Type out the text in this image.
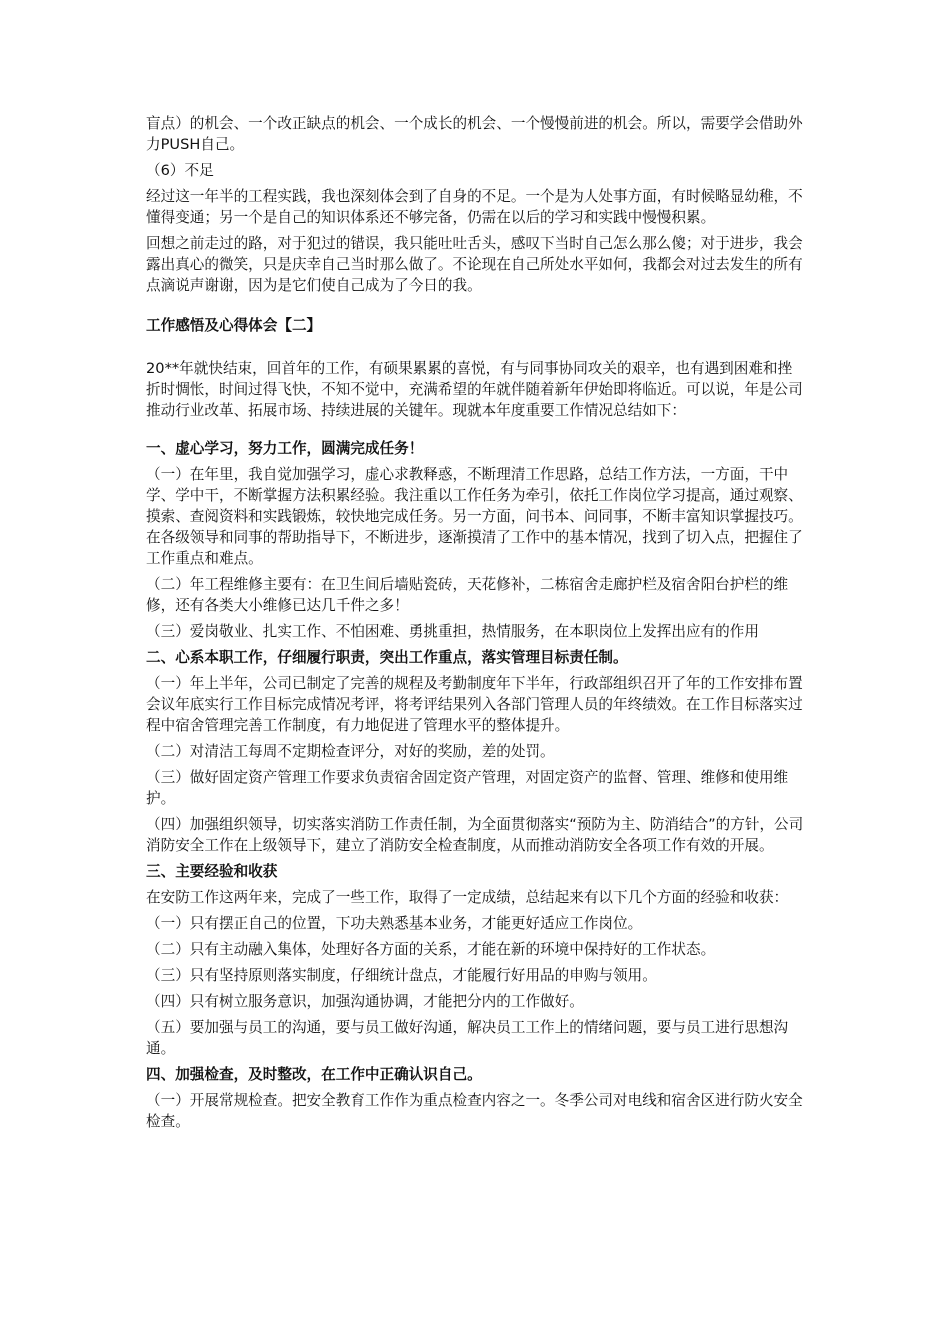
盲点）的机会、一个改正缺点的机会、一个成长的机会、一个慢慢前进的机会。所以，需要学会借助外力PUSH自己。

（6）不足

经过这一年半的工程实践，我也深刻体会到了自身的不足。一个是为人处事方面，有时候略显幼稚，不懂得变通；另一个是自己的知识体系还不够完备，仍需在以后的学习和实践中慢慢积累。

回想之前走过的路，对于犯过的错误，我只能吐吐舌头，感叹下当时自己怎么那么傻；对于进步，我会露出真心的微笑，只是庆幸自己当时那么做了。不论现在自己所处水平如何，我都会对过去发生的所有点滴说声谢谢，因为是它们使自己成为了今日的我。

工作感悟及心得体会【二】

20**年就快结束，回首年的工作，有硕果累累的喜悦，有与同事协同攻关的艰辛，也有遇到困难和挫折时惆怅，时间过得飞快，不知不觉中，充满希望的年就伴随着新年伊始即将临近。可以说，年是公司推动行业改革、拓展市场、持续进展的关键年。现就本年度重要工作情况总结如下：

一、虚心学习，努力工作，圆满完成任务！

（一）在年里，我自觉加强学习，虚心求教释惑，不断理清工作思路，总结工作方法，一方面，干中学、学中干，不断掌握方法积累经验。我注重以工作任务为牵引，依托工作岗位学习提高，通过观察、摸索、查阅资料和实践锻炼，较快地完成任务。另一方面，问书本、问同事，不断丰富知识掌握技巧。在各级领导和同事的帮助指导下，不断进步，逐渐摸清了工作中的基本情况，找到了切入点，把握住了工作重点和难点。

（二）年工程维修主要有：在卫生间后墙贴瓷砖，天花修补，二栋宿舍走廊护栏及宿舍阳台护栏的维修，还有各类大小维修已达几千件之多！

（三）爱岗敬业、扎实工作、不怕困难、勇挑重担，热情服务，在本职岗位上发挥出应有的作用

二、心系本职工作，仔细履行职责，突出工作重点，落实管理目标责任制。

（一）年上半年，公司已制定了完善的规程及考勤制度年下半年，行政部组织召开了年的工作安排布置会议年底实行工作目标完成情况考评，将考评结果列入各部门管理人员的年终绩效。在工作目标落实过程中宿舍管理完善工作制度，有力地促进了管理水平的整体提升。

（二）对清洁工每周不定期检查评分，对好的奖励，差的处罚。

（三）做好固定资产管理工作要求负责宿舍固定资产管理，对固定资产的监督、管理、维修和使用维护。

（四）加强组织领导，切实落实消防工作责任制，为全面贯彻落实“预防为主、防消结合”的方针，公司消防安全工作在上级领导下，建立了消防安全检查制度，从而推动消防安全各项工作有效的开展。

三、主要经验和收获

在安防工作这两年来，完成了一些工作，取得了一定成绩，总结起来有以下几个方面的经验和收获：

（一）只有摆正自己的位置，下功夫熟悉基本业务，才能更好适应工作岗位。

（二）只有主动融入集体，处理好各方面的关系，才能在新的环境中保持好的工作状态。

（三）只有坚持原则落实制度，仔细统计盘点，才能履行好用品的申购与领用。

（四）只有树立服务意识，加强沟通协调，才能把分内的工作做好。

（五）要加强与员工的沟通，要与员工做好沟通，解决员工工作上的情绪问题，要与员工进行思想沟通。

四、加强检查，及时整改，在工作中正确认识自己。

（一）开展常规检查。把安全教育工作作为重点检查内容之一。冬季公司对电线和宿舍区进行防火安全检查。
